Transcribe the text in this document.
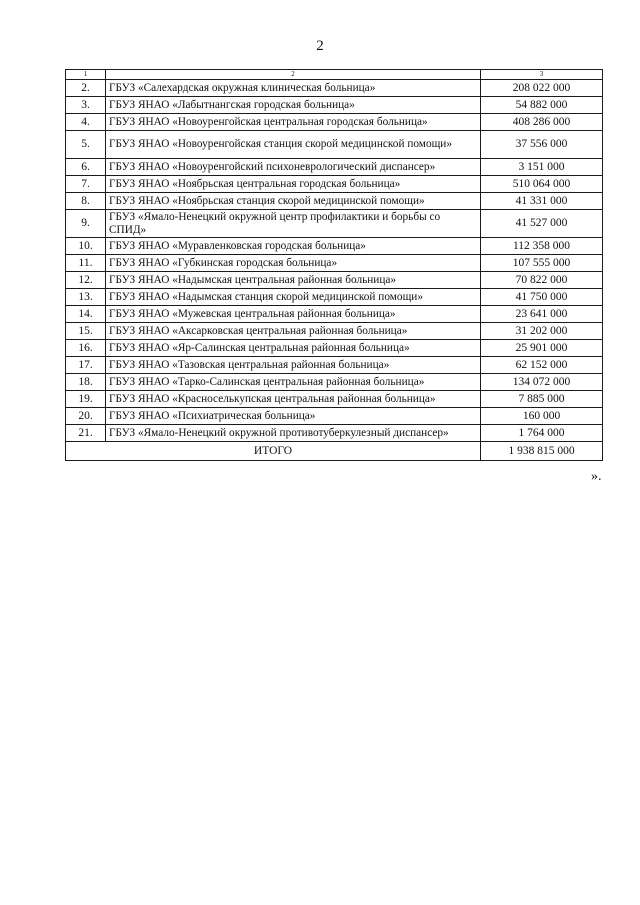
2
1	2	3
2.	ГБУЗ «Салехардская окружная клиническая больница»	208 022 000
3.	ГБУЗ ЯНАО «Лабытнангская городская больница»	54 882 000
4.	ГБУЗ ЯНАО «Новоуренгойская центральная городская больница»	408 286 000
5.	ГБУЗ ЯНАО «Новоуренгойская станция скорой медицинской помощи»	37 556 000
6.	ГБУЗ ЯНАО «Новоуренгойский психоневрологический диспансер»	3 151 000
7.	ГБУЗ ЯНАО «Ноябрьская центральная городская больница»	510 064 000
8.	ГБУЗ ЯНАО «Ноябрьская станция скорой медицинской помощи»	41 331 000
9.	ГБУЗ «Ямало-Ненецкий окружной центр профилактики и борьбы со СПИД»	41 527 000
10.	ГБУЗ ЯНАО «Муравленковская городская больница»	112 358 000
11.	ГБУЗ ЯНАО «Губкинская городская больница»	107 555 000
12.	ГБУЗ ЯНАО «Надымская центральная районная больница»	70 822 000
13.	ГБУЗ ЯНАО «Надымская станция скорой медицинской помощи»	41 750 000
14.	ГБУЗ ЯНАО «Мужевская центральная районная больница»	23 641 000
15.	ГБУЗ ЯНАО «Аксарковская центральная районная больница»	31 202 000
16.	ГБУЗ ЯНАО «Яр-Салинская центральная районная больница»	25 901 000
17.	ГБУЗ ЯНАО «Тазовская центральная районная больница»	62 152 000
18.	ГБУЗ ЯНАО «Тарко-Салинская центральная районная больница»	134 072 000
19.	ГБУЗ ЯНАО «Красноселькупская центральная районная больница»	7 885 000
20.	ГБУЗ ЯНАО «Психиатрическая больница»	160 000
21.	ГБУЗ «Ямало-Ненецкий окружной противотуберкулезный диспансер»	1 764 000
ИТОГО		1 938 815 000
».
